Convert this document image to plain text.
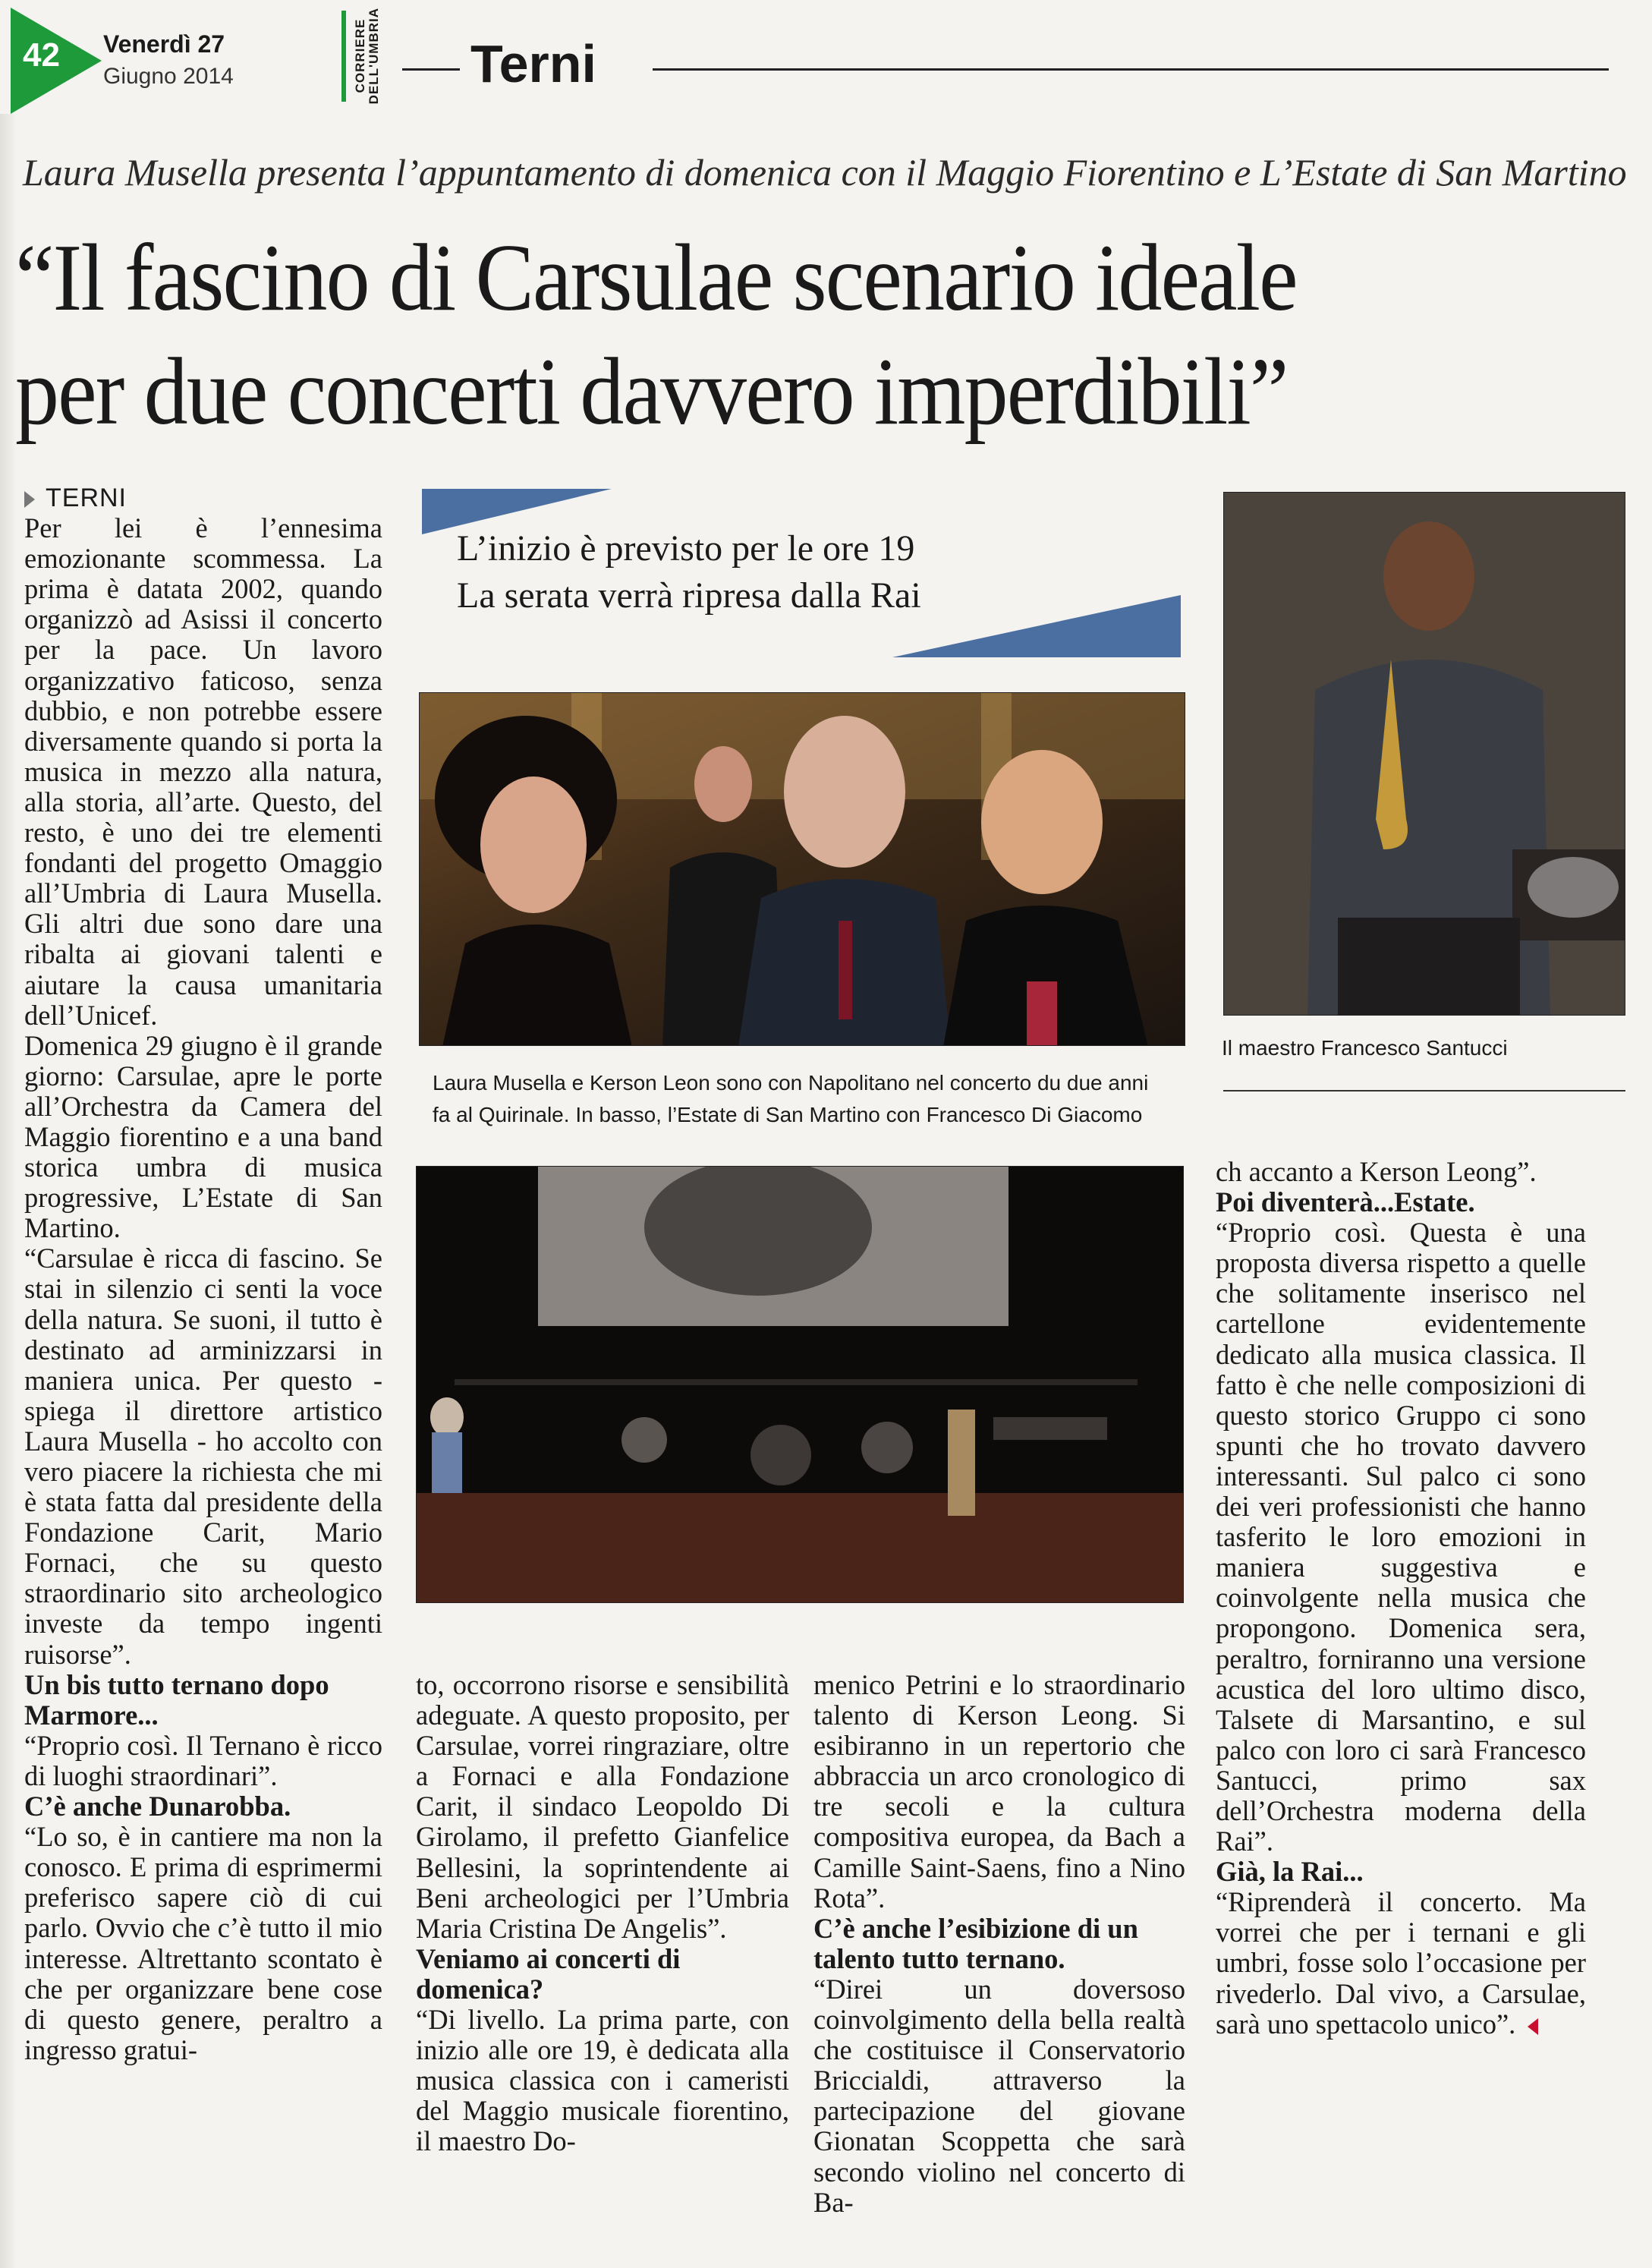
42	Venerdì 27
Giugno 2014	CORRIERE
DELL'UMBRIA Terni
Laura Musella presenta l’appuntamento di domenica con il Maggio Fiorentino e L’Estate di San Martino
“Il fascino di Carsulae scenario ideale
per due concerti davvero imperdibili”
L’inizio è previsto per le ore 19
La serata verrà ripresa dalla Rai
Laura Musella e Kerson Leon sono con Napolitano nel concerto du due anni
fa al Quirinale. In basso, l’Estate di San Martino con Francesco Di Giacomo
Il maestro Francesco Santucci
TERNI

Per lei è l’ennesima emozionante scommessa. La prima è datata 2002, quando organizzò ad Asissi il concerto per la pace. Un lavoro organizzativo faticoso, senza dubbio, e non potrebbe essere diversamente quando si porta la musica in mezzo alla natura, alla storia, all’arte. Questo, del resto, è uno dei tre elementi fondanti del progetto Omaggio all’Umbria di Laura Musella. Gli altri due sono dare una ribalta ai giovani talenti e aiutare la causa umanitaria dell’Unicef.

Domenica 29 giugno è il grande giorno: Carsulae, apre le porte all’Orchestra da Camera del Maggio fiorentino e a una band storica umbra di musica progressive, L’Estate di San Martino.

“Carsulae è ricca di fascino. Se stai in silenzio ci senti la voce della natura. Se suoni, il tutto è destinato ad arminizzarsi in maniera unica. Per questo - spiega il direttore artistico Laura Musella - ho accolto con vero piacere la richiesta che mi è stata fatta dal presidente della Fondazione Carit, Mario Fornaci, che su questo straordinario sito archeologico investe da tempo ingenti ruisorse”.

Un bis tutto ternano dopo Marmore...

“Proprio così. Il Ternano è ricco di luoghi straordinari”.

C’è anche Dunarobba.

“Lo so, è in cantiere ma non la conosco. E prima di esprimermi preferisco sapere ciò di cui parlo. Ovvio che c’è tutto il mio interesse. Altrettanto scontato è che per organizzare bene cose di questo genere, peraltro a ingresso gratui-

to, occorrono risorse e sensibilità adeguate. A questo proposito, per Carsulae, vorrei ringraziare, oltre a Fornaci e alla Fondazione Carit, il sindaco Leopoldo Di Girolamo, il prefetto Gianfelice Bellesini, la soprintendente ai Beni archeologici per l’Umbria Maria Cristina De Angelis”.

Veniamo ai concerti di domenica?

“Di livello. La prima parte, con inizio alle ore 19, è dedicata alla musica classica con i cameristi del Maggio musicale fiorentino, il maestro Do-

menico Petrini e lo straordinario talento di Kerson Leong. Si esibiranno in un repertorio che abbraccia un arco cronologico di tre secoli e la cultura compositiva europea, da Bach a Camille Saint-Saens, fino a Nino Rota”.

C’è anche l’esibizione di un talento tutto ternano.

“Direi un doversoso coinvolgimento della bella realtà che costituisce il Conservatorio Briccialdi, attraverso la partecipazione del giovane Gionatan Scoppetta che sarà secondo violino nel concerto di Ba-

ch accanto a Kerson Leong”.

Poi diventerà...Estate.

“Proprio così. Questa è una proposta diversa rispetto a quelle che solitamente inserisco nel cartellone evidentemente dedicato alla musica classica. Il fatto è che nelle composizioni di questo storico Gruppo ci sono spunti che ho trovato davvero interessanti. Sul palco ci sono dei veri professionisti che hanno tasferito le loro emozioni in maniera suggestiva e coinvolgente nella musica che propongono. Domenica sera, peraltro, forniranno una versione acustica del loro ultimo disco, Talsete di Marsantino, e sul palco con loro ci sarà Francesco Santucci, primo sax dell’Orchestra moderna della Rai”.

Già, la Rai...

“Riprenderà il concerto. Ma vorrei che per i ternani e gli umbri, fosse solo l’occasione per rivederlo. Dal vivo, a Carsulae, sarà uno spettacolo unico”.
